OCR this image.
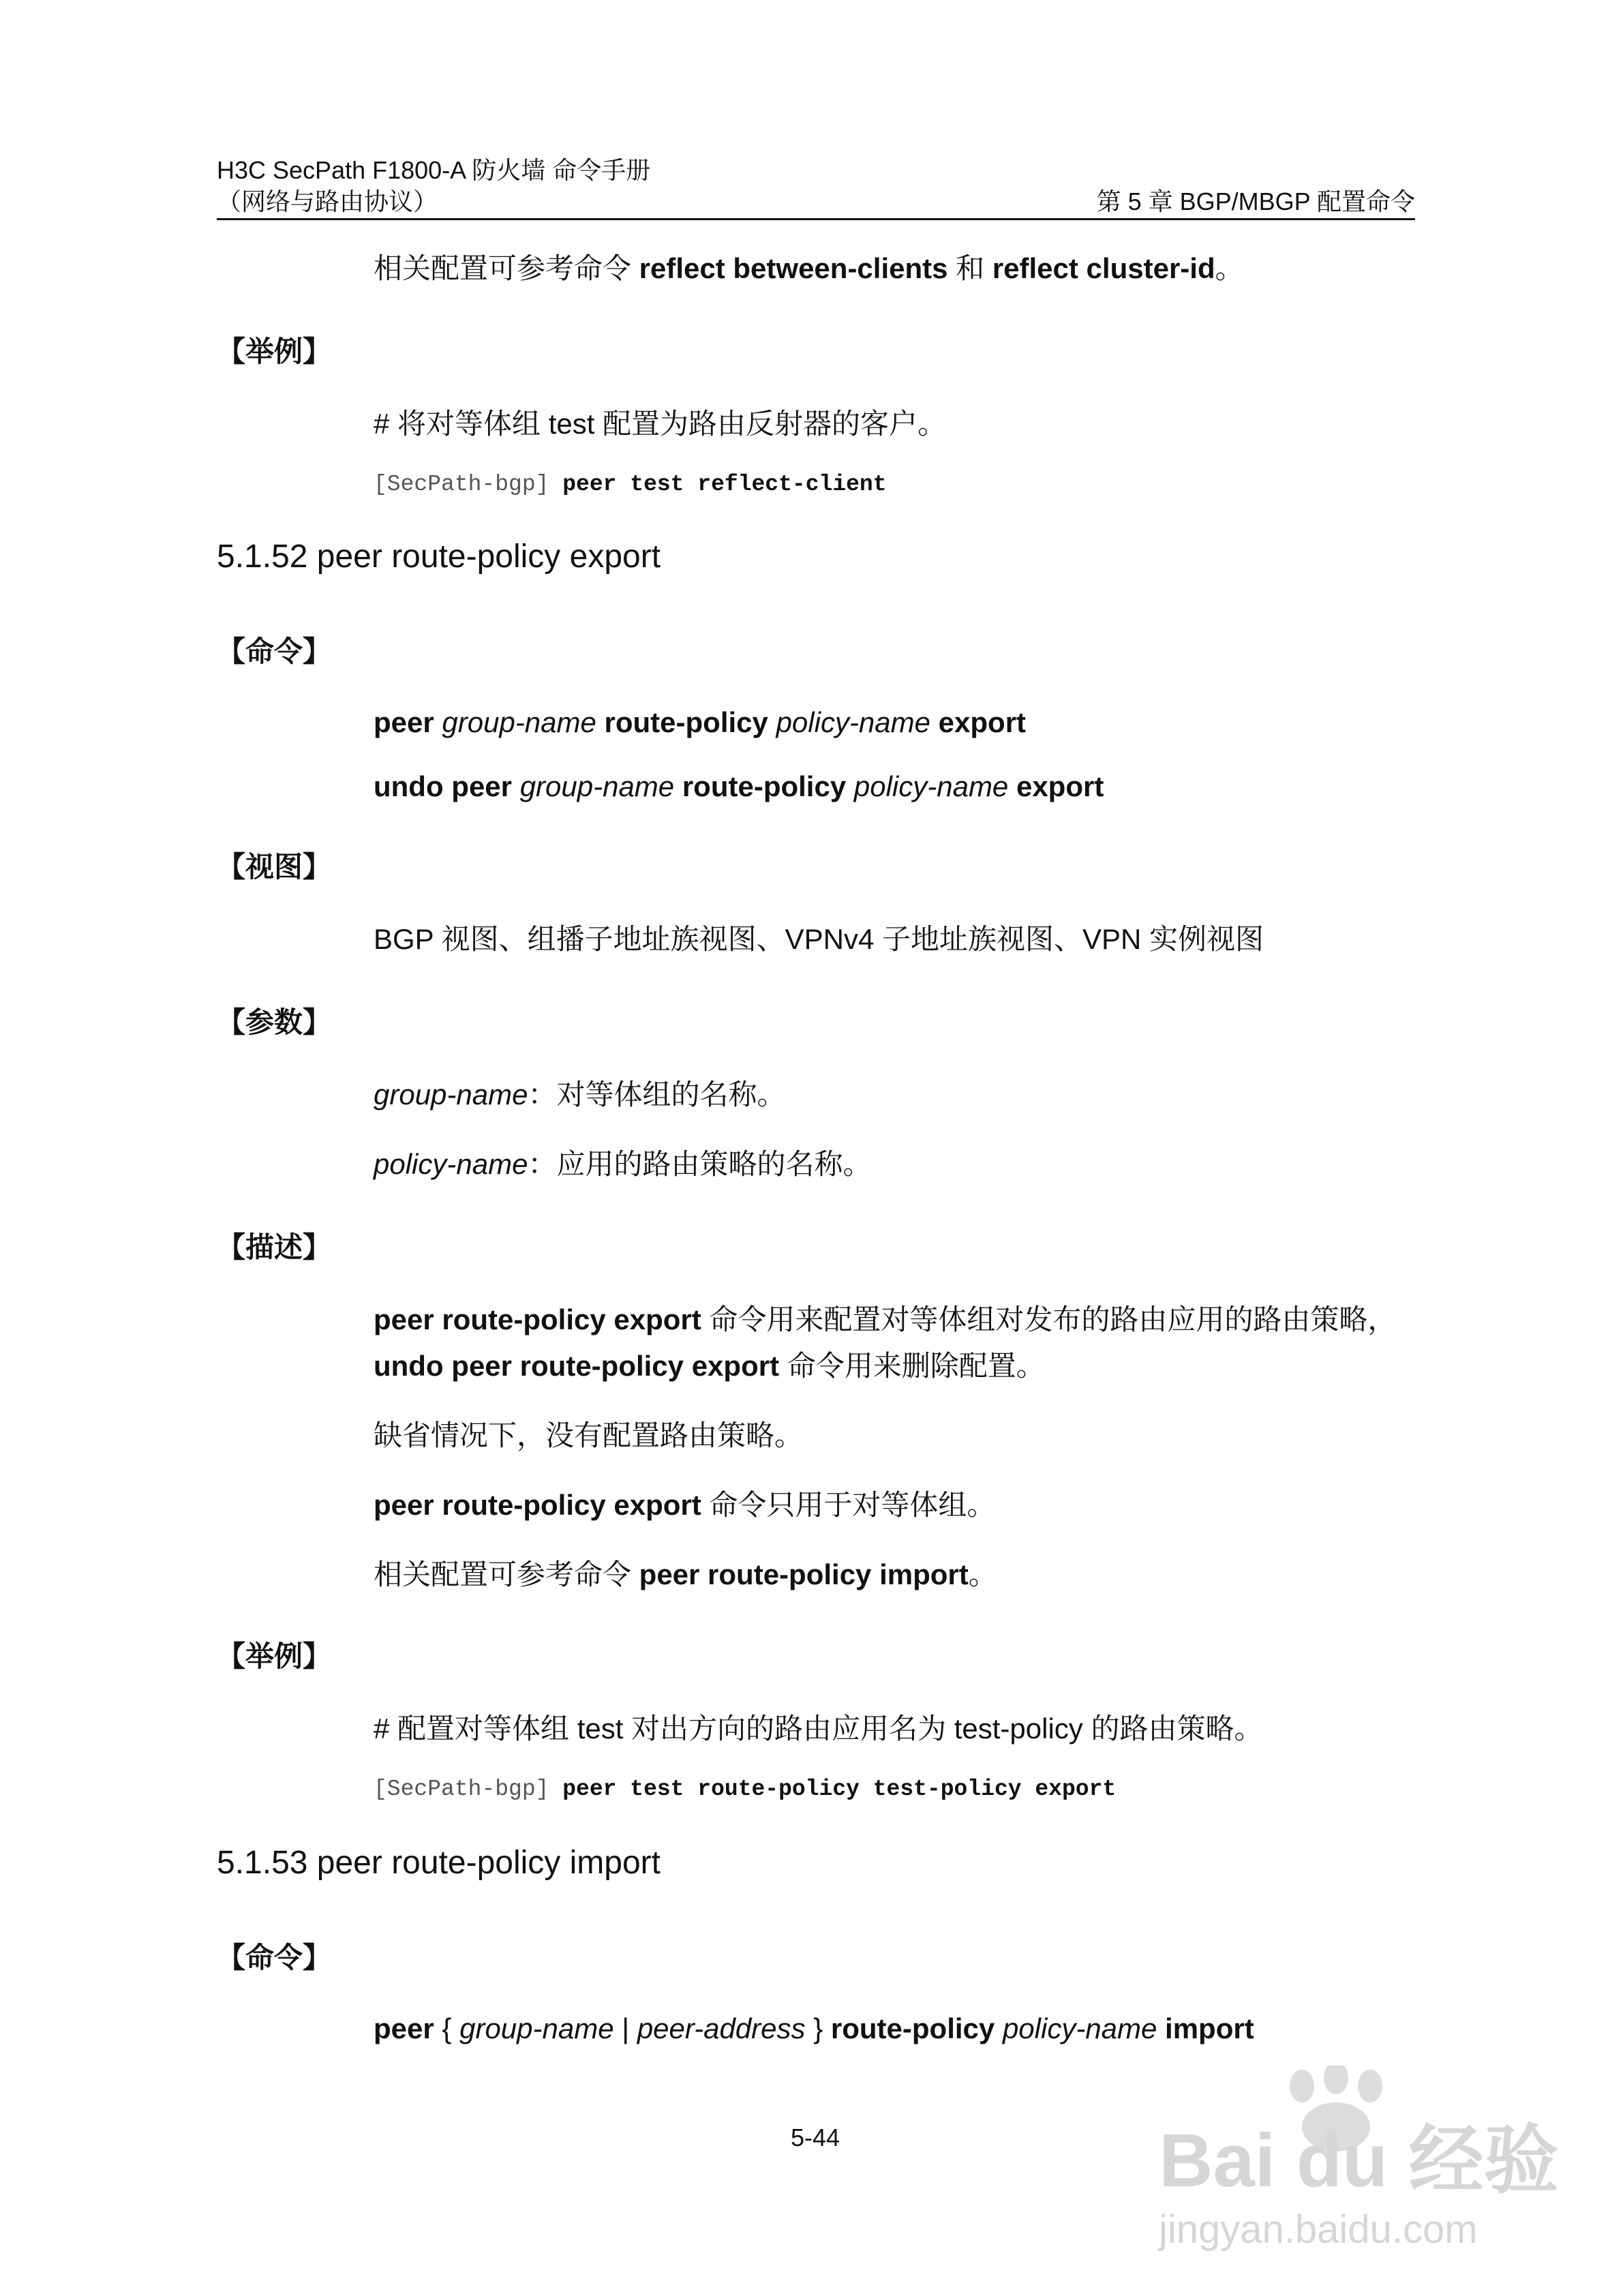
H3C SecPath F1800-A 防火墙 命令手册
（网络与路由协议）	第 5 章 BGP/MBGP 配置命令
相关配置可参考命令 reflect between-clients 和 reflect cluster-id。
【举例】
# 将对等体组 test 配置为路由反射器的客户。
[SecPath-bgp] peer test reflect-client
5.1.52 peer route-policy export
【命令】
peer group-name route-policy policy-name export
undo peer group-name route-policy policy-name export
【视图】
BGP 视图、组播子地址族视图、VPNv4 子地址族视图、VPN 实例视图
【参数】
group-name：对等体组的名称。
policy-name：应用的路由策略的名称。
【描述】
peer route-policy export 命令用来配置对等体组对发布的路由应用的路由策略，
undo peer route-policy export 命令用来删除配置。
缺省情况下，没有配置路由策略。
peer route-policy export 命令只用于对等体组。
相关配置可参考命令 peer route-policy import。
【举例】
# 配置对等体组 test 对出方向的路由应用名为 test-policy 的路由策略。
[SecPath-bgp] peer test route-policy test-policy export
5.1.53 peer route-policy import
【命令】
peer { group-name | peer-address } route-policy policy-name import
5-44	Bai du 经验
jingyan.baidu.com
